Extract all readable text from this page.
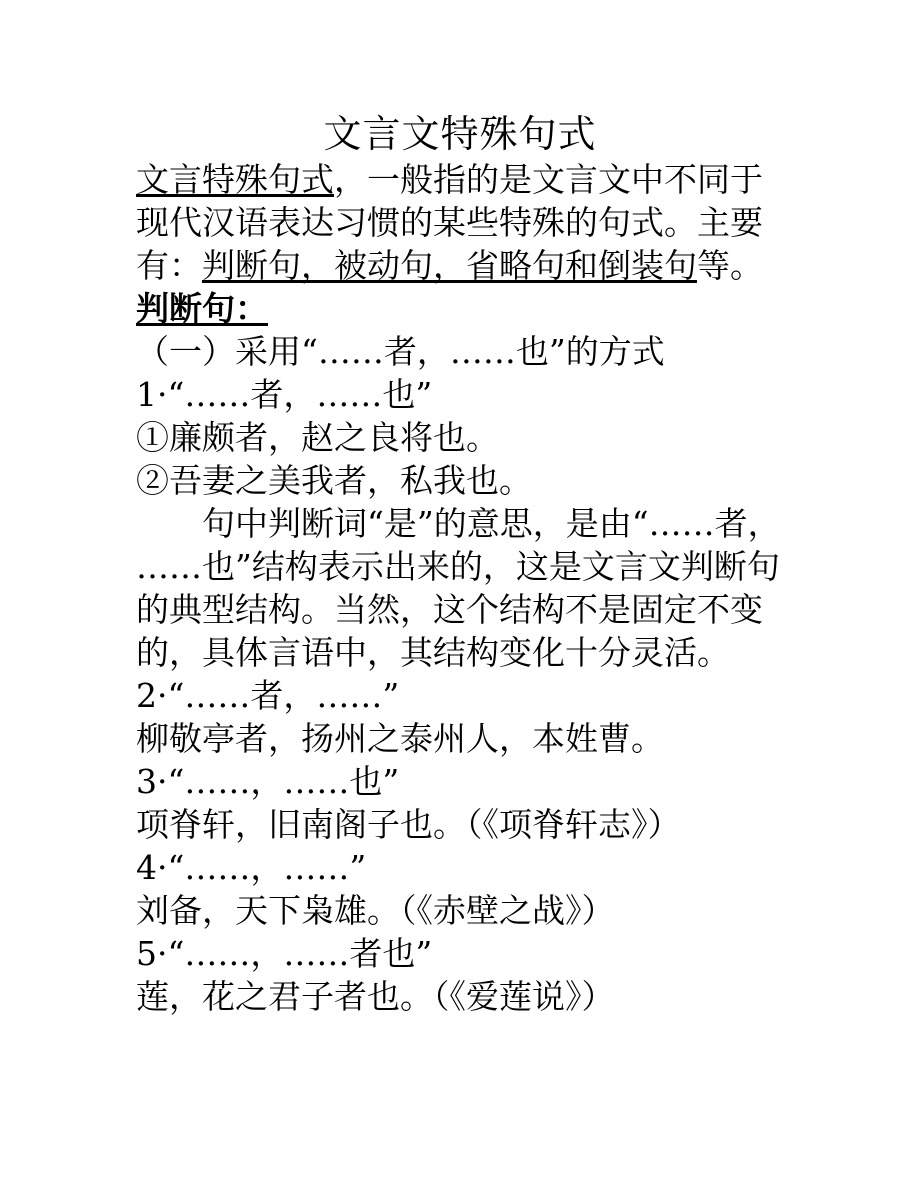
文言文特殊句式
文言特殊句式，一般指的是文言文中不同于
现代汉语表达习惯的某些特殊的句式。主要
有：判断句，被动句，省略句和倒装句等。
判断句：
（一）采用“……者，……也”的方式
1·“……者，……也”
①廉颇者，赵之良将也。
②吾妻之美我者，私我也。
句中判断词“是”的意思，是由“……者，
……也”结构表示出来的，这是文言文判断句
的典型结构。当然，这个结构不是固定不变
的，具体言语中，其结构变化十分灵活。
2·“……者，……”
柳敬亭者，扬州之泰州人，本姓曹。
3·“……，……也”
项脊轩，旧南阁子也。（《项脊轩志》）
4·“……，……”
刘备，天下枭雄。（《赤壁之战》）
5·“……，……者也”
莲，花之君子者也。（《爱莲说》）
